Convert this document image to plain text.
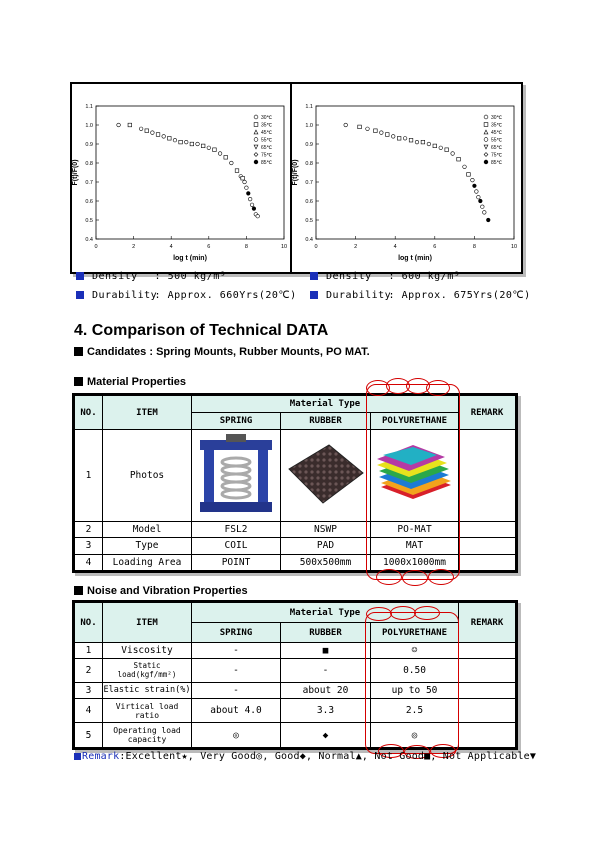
0	2	4	6	8	10
0.4
0.5
0.6
0.7
0.8
0.9
1.0
1.1
log t (min)
F(t)/F(0)
30℃
35℃
45℃
55℃
65℃
75℃
85℃
0	2	4	6	8	10
0.4
0.5
0.6
0.7
0.8
0.9
1.0
1.1
log t (min)
F(t)/F(0)
30℃
35℃
45℃
55℃
65℃
75℃
85℃
Density : 500 kg/m³
Durability : Approx. 660Yrs(20℃)
Density : 600 kg/m³
Durability : Approx. 675Yrs(20℃)
4. Comparison of Technical DATA
Candidates : Spring Mounts, Rubber Mounts, PO MAT.
Material Properties
NO.	ITEM	Material Type			REMARK
		SPRING	RUBBER	POLYURETHANE	
1	Photos				
2	Model	FSL2	NSWP	PO-MAT	
3	Type	COIL	PAD	MAT	
4	Loading Area	POINT	500x500mm	1000x1000mm	
Noise and Vibration Properties
NO.	ITEM	Material Type			REMARK
		SPRING	RUBBER	POLYURETHANE	
1	Viscosity	-	■	☺	
2	Static load(kgf/mm²)	-	-	0.50	
3	Elastic strain(%)	-	about 20	up to 50	
4	Virtical load ratio	about 4.0	3.3	2.5	
5	Operating load capacity	◎	◆	◎	
Remark:Excellent★, Very Good◎, Good◆, Normal▲, Not Good■, Not Applicable▼
